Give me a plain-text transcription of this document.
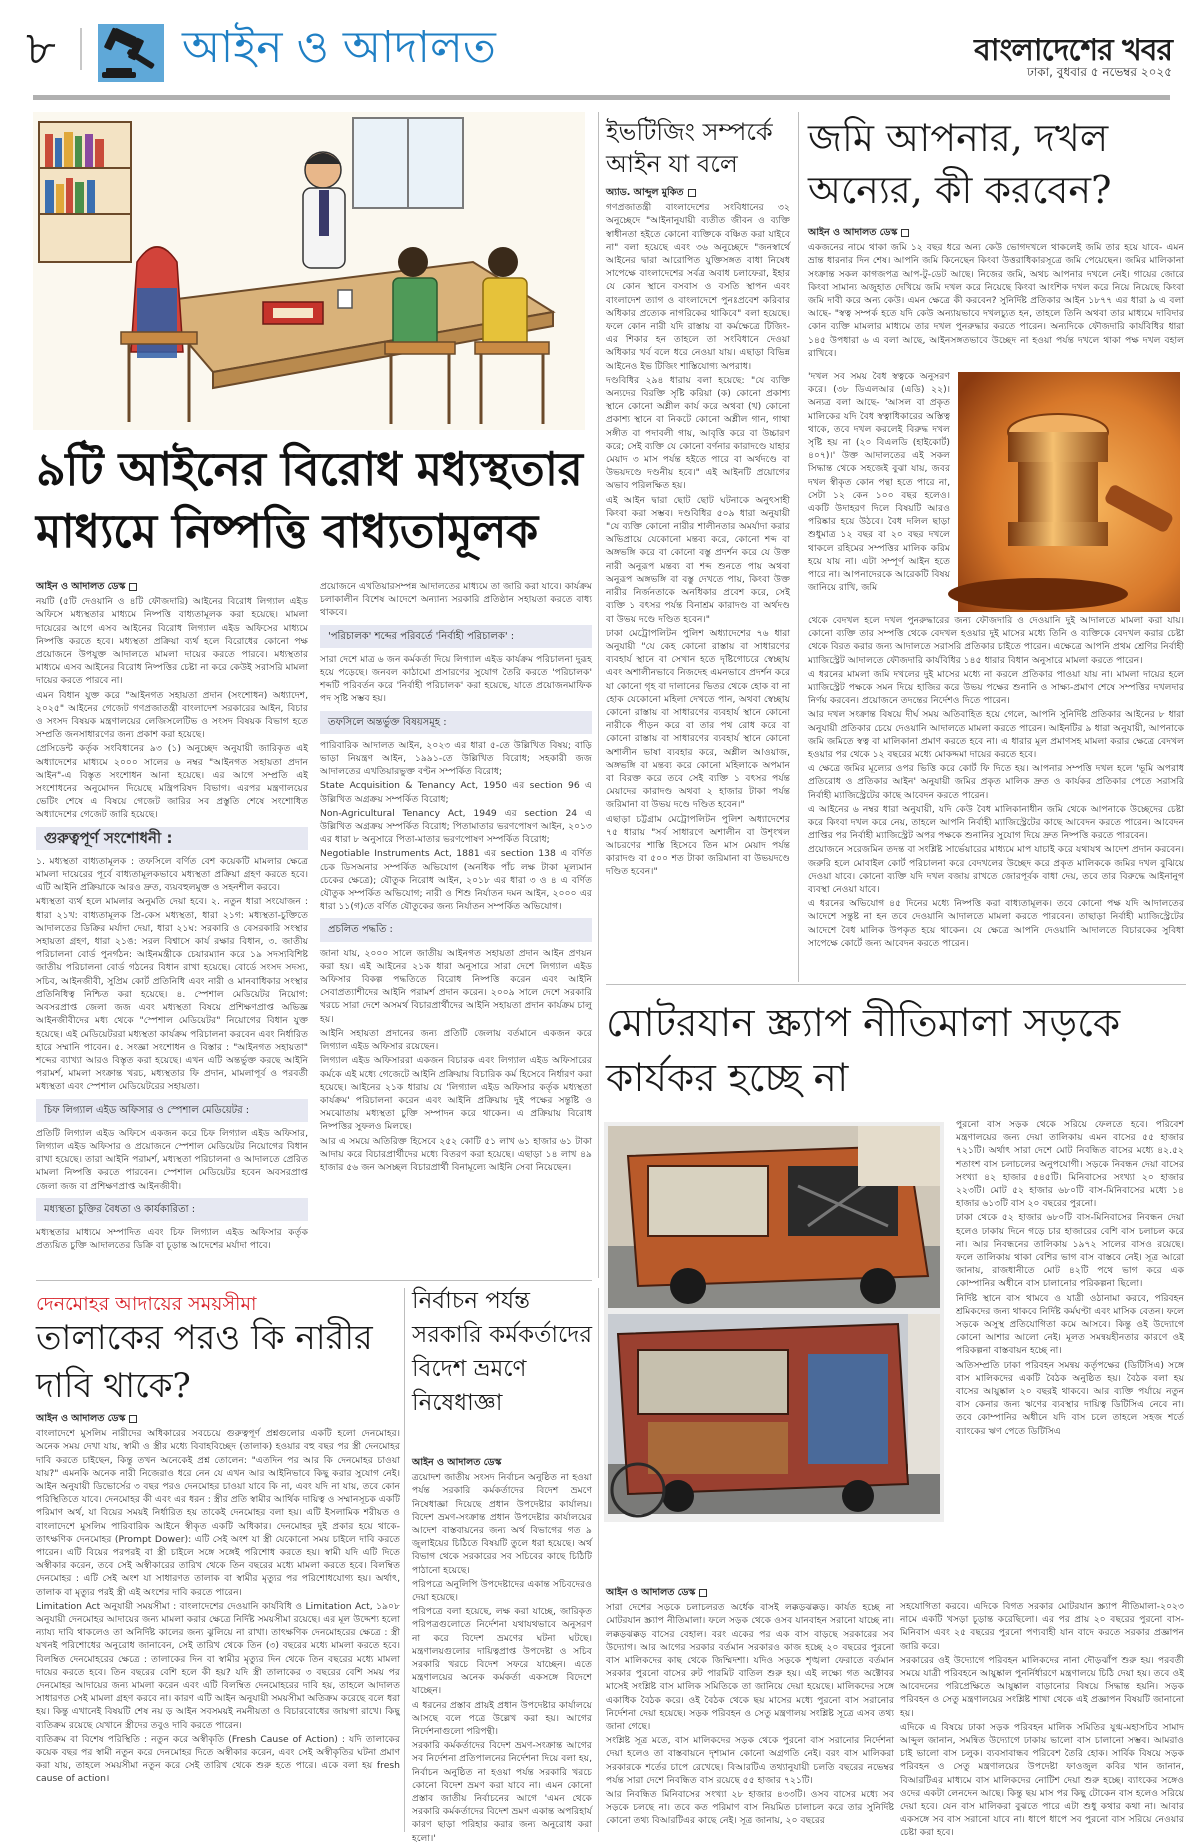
৮	আইন ও আদালত	বাংলাদেশের খবর
ঢাকা, বুধবার ৫ নভেম্বর ২০২৫
৯টি আইনের বিরোধ মধ্যস্থতার মাধ্যমে নিষ্পত্তি বাধ্যতামূলক
আইন ও আদালত ডেস্ক

নয়টি (৫টি দেওয়ানি ও ৪টি ফৌজদারি) আইনের বিরোধ লিগ্যাল এইড অফিসে মধ্যস্থতার মাধ্যমে নিষ্পত্তি বাধ্যতামূলক করা হয়েছে। মামলা দায়েরের আগে এসব আইনের বিরোধ লিগ্যাল এইড অফিসের মাধ্যমে নিষ্পত্তি করতে হবে। মধ্যস্থতা প্রক্রিয়া ব্যর্থ হলে বিরোধের কোনো পক্ষ প্রয়োজনে উপযুক্ত আদালতে মামলা দায়ের করতে পারবে। মধ্যস্থতার মাধ্যমে এসব আইনের বিরোধ নিষ্পত্তির চেষ্টা না করে কেউই সরাসরি মামলা দায়ের করতে পারবে না।

এমন বিধান যুক্ত করে "আইনগত সহায়তা প্রদান (সংশোধন) অধ্যাদেশ, ২০২৫" আইনের গেজেট গণপ্রজাতন্ত্রী বাংলাদেশ সরকারের আইন, বিচার ও সংসদ বিষয়ক মন্ত্রণালয়ের লেজিসলেটিভ ও সংসদ বিষয়ক বিভাগ হতে সম্প্রতি জনসাধারণের জন্য প্রকাশ করা হয়েছে।

প্রেসিডেন্ট কর্তৃক সংবিধানের ৯৩ (১) অনুচ্ছেদ অনুযায়ী জারিকৃত এই অধ্যাদেশের মাধ্যমে ২০০০ সালের ৬ নম্বর "আইনগত সহায়তা প্রদান আইন"-এ বিস্তৃত সংশোধন আনা হয়েছে। এর আগে সম্প্রতি এই সংশোধনের অনুমোদন দিয়েছে মন্ত্রিপরিষদ বিভাগ। এরপর মন্ত্রণালয়ের ভেটিং শেষে এ বিষয়ে গেজেট জারির সব প্রস্তুতি শেষে সংশোধিত অধ্যাদেশের গেজেট জারি হয়েছে।

গুরুত্বপূর্ণ সংশোধনী :

১. মধ্যস্থতা বাধ্যতামূলক : তফসিলে বর্ণিত বেশ কয়েকটি মামলার ক্ষেত্রে মামলা দায়েরের পূর্বে বাধ্যতামূলকভাবে মধ্যস্থতা প্রক্রিয়া গ্রহণ করতে হবে। এটি আইনি প্রক্রিয়াকে আরও দ্রুত, ব্যয়বহুলমুক্ত ও সহনশীল করবে।

মধ্যস্থতা ব্যর্থ হলে মামলার অনুমতি দেয়া হবে। ২. নতুন ধারা সংযোজন : ধারা ২১খ: বাধ্যতামূলক প্রি-কেস মধ্যস্থতা, ধারা ২১গ: মধ্যস্থতা-চুক্তিতে আদালতের ডিক্রির মর্যাদা দেয়া, ধারা ২১ঘ: সরকারি ও বেসরকারি সংস্থার সহায়তা গ্রহণ, ধারা ২১ঙ: সরল বিশ্বাসে কার্য রক্ষার বিধান, ৩. জাতীয় পরিচালনা বোর্ড পুনর্গঠন: আইনমন্ত্রীকে চেয়ারম্যান করে ১৯ সদস্যবিশিষ্ট জাতীয় পরিচালনা বোর্ড গঠনের বিধান রাখা হয়েছে। বোর্ডে সংসদ সদস্য, সচিব, আইনজীবী, সুপ্রিম কোর্ট প্রতিনিধি এবং নারী ও মানবাধিকার সংস্থার প্রতিনিধিত্ব নিশ্চিত করা হয়েছে। ৪. স্পেশাল মেডিয়েটর নিয়োগ: অবসরপ্রাপ্ত জেলা জজ এবং মধ্যস্থতা বিষয়ে প্রশিক্ষণপ্রাপ্ত অভিজ্ঞ আইনজীবীদের মধ্য থেকে "স্পেশাল মেডিয়েটর" নিয়োগের বিধান যুক্ত হয়েছে। এই মেডিয়েটররা মধ্যস্থতা কার্যক্রম পরিচালনা করবেন এবং নির্ধারিত হারে সম্মানি পাবেন। ৫. সংজ্ঞা সংশোধন ও বিস্তার : "আইনগত সহায়তা" শব্দের ব্যাখ্যা আরও বিস্তৃত করা হয়েছে। এখন এটি অন্তর্ভুক্ত করছে আইনি পরামর্শ, মামলা সংক্রান্ত খরচ, মধ্যস্থতার ফি প্রদান, মামলাপূর্ব ও পরবর্তী মধ্যস্থতা এবং স্পেশাল মেডিয়েটরের সহায়তা।

চিফ লিগ্যাল এইড অফিসার ও স্পেশাল মেডিয়েটর :

প্রতিটি লিগ্যাল এইড অফিসে একজন করে চিফ লিগ্যাল এইড অফিসার, লিগ্যাল এইড অফিসার ও প্রয়োজনে স্পেশাল মেডিয়েটর নিয়োগের বিধান রাখা হয়েছে। তারা আইনি পরামর্শ, মধ্যস্থতা পরিচালনা ও আদালতে প্রেরিত মামলা নিষ্পত্তি করতে পারবেন। স্পেশাল মেডিয়েটর হবেন অবসরপ্রাপ্ত জেলা জজ বা প্রশিক্ষণপ্রাপ্ত আইনজীবী।

মধ্যস্থতা চুক্তির বৈধতা ও কার্যকারিতা :

মধ্যস্থতার মাধ্যমে সম্পাদিত এবং চিফ লিগ্যাল এইড অফিসার কর্তৃক প্রত্যয়িত চুক্তি আদালতের ডিক্রি বা চূড়ান্ত আদেশের মর্যাদা পাবে।

প্রয়োজনে এখতিয়ারসম্পন্ন আদালতের মাধ্যমে তা জারি করা যাবে। কার্যক্রম চলাকালীন বিশেষ আদেশে অন্যান্য সরকারি প্রতিষ্ঠান সহায়তা করতে বাধ্য থাকবে।

'পরিচালক' শব্দের পরিবর্তে 'নির্বাহী পরিচালক' :

সারা দেশে মাত্র ৬ জন কর্মকর্তা দিয়ে লিগ্যাল এইড কার্যক্রম পরিচালনা দুরূহ হয়ে পড়েছে। জনবল কাঠামো প্রসারণের সুযোগ তৈরি করতে 'পরিচালক' শব্দটি পরিবর্তন করে 'নির্বাহী পরিচালক' করা হয়েছে, যাতে প্রয়োজনমাফিক পদ সৃষ্টি সম্ভব হয়।

তফসিলে অন্তর্ভুক্ত বিষয়সমূহ :

পারিবারিক আদালত আইন, ২০২৩ এর ধারা ৫-তে উল্লিখিত বিষয়; বাড়ি ভাড়া নিয়ন্ত্রণ আইন, ১৯৯১-তে উল্লিখিত বিরোধ; সহকারী জজ আদালতের এখতিয়ারভুক্ত বণ্টন সম্পর্কিত বিরোধ;

State Acquisition & Tenancy Act, 1950 এর section 96 এ উল্লিখিত অগ্রক্রয় সম্পর্কিত বিরোধ;

Non-Agricultural Tenancy Act, 1949 এর section 24 এ উল্লিখিত অগ্রক্রয় সম্পর্কিত বিরোধ; পিতামাতার ভরণপোষণ আইন, ২০১৩ এর ধারা ৮ অনুসারে পিতা-মাতার ভরণপোষণ সম্পর্কিত বিরোধ;

Negotiable Instruments Act, 1881 এর section 138 এ বর্ণিত চেক ডিসঅনার সম্পর্কিত অভিযোগ (অনধিক পাঁচ লক্ষ টাকা মূল্যমান চেকের ক্ষেত্রে); যৌতুক নিরোধ আইন, ২০১৮ এর ধারা ৩ ও ৪ এ বর্ণিত যৌতুক সম্পর্কিত অভিযোগ; নারী ও শিশু নির্যাতন দমন আইন, ২০০০ এর ধারা ১১(গ)তে বর্ণিত যৌতুকের জন্য নির্যাতন সম্পর্কিত অভিযোগ।

প্রচলিত পদ্ধতি :

জানা যায়, ২০০০ সালে জাতীয় আইনগত সহায়তা প্রদান আইন প্রণয়ন করা হয়। এই আইনের ২১ক ধারা অনুসারে সারা দেশে লিগ্যাল এইড অফিসার বিকল্প পদ্ধতিতে বিরোধ নিষ্পত্তি করেন এবং আইনি সেবাপ্রত্যাশীদের আইনি পরামর্শ প্রদান করেন। ২০০৯ সালে দেশে সরকারি খরচে সারা দেশে অসমর্থ বিচারপ্রার্থীদের আইনি সহায়তা প্রদান কার্যক্রম চালু হয়।

আইনি সহায়তা প্রদানের জন্য প্রতিটি জেলায় বর্তমানে একজন করে লিগ্যাল এইড অফিসার রয়েছেন।

লিগ্যাল এইড অফিসাররা একজন বিচারক এবং লিগ্যাল এইড অফিসারের কর্মকে এই মধ্যে গেজেটে আইনি প্রক্রিয়ায় বিচারিক কর্ম হিসেবে নির্ধারণ করা হয়েছে। আইনের ২১ক ধারায় যে 'লিগ্যাল এইড অফিসার কর্তৃক মধ্যস্থতা কার্যক্রম' পরিচালনা করেন এবং আইনি প্রক্রিয়ায় দুই পক্ষের সন্তুষ্টি ও সমঝোতায় মধ্যস্থতা চুক্তি সম্পাদন করে থাকেন। এ প্রক্রিয়ায় বিরোধ নিষ্পত্তির সুফলও মিলছে।

আর এ সময়ে অতিরিক্ত হিসেবে ২৫২ কোটি ৫১ লাখ ৬১ হাজার ৬১ টাকা আদায় করে বিচারপ্রার্থীদের মধ্যে বিতরণ করা হয়েছে। এছাড়া ১৪ লাখ ৪৯ হাজার ৫৬ জন অসচ্ছল বিচারপ্রার্থী বিনামূল্যে আইনি সেবা নিয়েছেন।

ইভটিজিং সম্পর্কে আইন যা বলে
অ্যাড. আব্দুল মুকিত

গণপ্রজাতন্ত্রী বাংলাদেশের সংবিধানের ৩২ অনুচ্ছেদে "আইনানুযায়ী ব্যতীত জীবন ও ব্যক্তি স্বাধীনতা হইতে কোনো ব্যক্তিকে বঞ্চিত করা যাইবে না" বলা হয়েছে এবং ৩৬ অনুচ্ছেদে "জনস্বার্থে আইনের দ্বারা আরোপিত যুক্তিসঙ্গত বাধা নিষেধ সাপেক্ষে বাংলাদেশের সর্বত্র অবাধ চলাফেরা, ইহার যে কোন স্থানে বসবাস ও বসতি স্থাপন এবং বাংলাদেশ ত্যাগ ও বাংলাদেশে পুনঃপ্রবেশ করিবার অধিকার প্রত্যেক নাগরিকের থাকিবে" বলা হয়েছে। ফলে কোন নারী যদি রাস্তায় বা কর্মক্ষেত্রে টিজিং-এর শিকার হন তাহলে তা সংবিধানে দেওয়া অধিকার খর্ব বলে ধরে নেওয়া যায়। এছাড়া বিভিন্ন আইনেও ইভ টিজিং শাস্তিযোগ্য অপরাধ।

দণ্ডবিধির ২৯৪ ধারায় বলা হয়েছে: "যে ব্যক্তি অন্যদের বিরক্তি সৃষ্টি করিয়া (ক) কোনো প্রকাশ্য স্থানে কোনো অশ্লীল কার্য করে অথবা (খ) কোনো প্রকাশ্য স্থানে বা নিকটে কোনো অশ্লীল গান, গাথা সঙ্গীত বা পদাবলী গায়, আবৃত্তি করে বা উচ্চারণ করে; সেই ব্যক্তি যে কোনো বর্ণনার কারাদণ্ডে যাহার মেয়াদ ৩ মাস পর্যন্ত হইতে পারে বা অর্থদণ্ডে বা উভয়দণ্ডে দণ্ডনীয় হবে।" এই আইনটি প্রয়োগের অভাব পরিলক্ষিত হয়।

এই আইন দ্বারা ছোট ছোট ঘটনাকে অনুৎসাহী কিংবা করা সম্ভব। দণ্ডবিধির ৫০৯ ধারা অনুযায়ী "যে ব্যক্তি কোনো নারীর শালীনতার অমর্যাদা করার অভিপ্রায়ে যেকোনো মন্তব্য করে, কোনো শব্দ বা অঙ্গভঙ্গি করে বা কোনো বস্তু প্রদর্শন করে যে উক্ত নারী অনুরূপ মন্তব্য বা শব্দ শুনতে পায় অথবা অনুরূপ অঙ্গভঙ্গি বা বস্তু দেখতে পায়, কিংবা উক্ত নারীর নির্জনতাকে অনধিকার প্রবেশ করে, সেই ব্যক্তি ১ বৎসর পর্যন্ত বিনাশ্রম কারাদণ্ড বা অর্থদণ্ড বা উভয় দণ্ডে দণ্ডিত হবেন।"

ঢাকা মেট্রোপলিটন পুলিশ অধ্যাদেশের ৭৬ ধারা অনুযায়ী "যে কেহ কোনো রাস্তায় বা সাধারণের ব্যবহার্য স্থানে বা সেখান হতে দৃষ্টিগোচরে স্বেচ্ছায় এবং অশালীনভাবে নিজদেহ এমনভাবে প্রদর্শন করে যা কোনো গৃহ বা দালানের ভিতর থেকে হোক বা না হোক যেকোনো মহিলা দেখতে পান, অথবা স্বেচ্ছায় কোনো রাস্তায় বা সাধারণের ব্যবহার্য স্থানে কোনো নারীকে পীড়ন করে বা তার পথ রোধ করে বা কোনো রাস্তায় বা সাধারণের ব্যবহার্য স্থানে কোনো অশালীন ভাষা ব্যবহার করে, অশ্লীল আওয়াজ, অঙ্গভঙ্গি বা মন্তব্য করে কোনো মহিলাকে অপমান বা বিরক্ত করে তবে সেই ব্যক্তি ১ বৎসর পর্যন্ত মেয়াদের কারাদণ্ড অথবা ২ হাজার টাকা পর্যন্ত জরিমানা বা উভয় দণ্ডে দণ্ডিত হবেন।"

এছাড়া চট্টগ্রাম মেট্রোপলিটন পুলিশ অধ্যাদেশের ৭৫ ধারায় "সর্ব সাধারণে অশালীন বা উশৃংখল আচরণের শাস্তি হিসেবে তিন মাস মেয়াদ পর্যন্ত কারাদণ্ড বা ৫০০ শত টাকা জরিমানা বা উভয়দণ্ডে দণ্ডিত হবেন।"

জমি আপনার, দখল অন্যের, কী করবেন?
আইন ও আদালত ডেস্ক

একজনের নামে থাকা জমি ১২ বছর ধরে অন্য কেউ ভোগদখলে থাকলেই জমি তার হয়ে যাবে- এমন ভ্রান্ত ধারনার দিন শেষ। আপনি জমি কিনেছেন কিংবা উত্তরাধিকারসূত্রে জমি পেয়েছেন। জমির মালিকানা সংক্রান্ত সকল কাগজপত্র আপ-টু-ডেট আছে। নিজের জমি, অথচ আপনার দখলে নেই। গায়ের জোরে কিংবা সামান্য অজুহাত দেখিয়ে জমি দখল করে নিয়েছে কিংবা আংশিক দখল করে নিয়ে নিয়েছে কিংবা জমি দাবী করে অন্য কেউ। এমন ক্ষেত্রে কী করবেন? সুনির্দিষ্ট প্রতিকার আইন ১৮৭৭ এর ধারা ৯ এ বলা আছে- "স্বত্ব সম্পর্ক হতে যদি কেউ অন্যায়ভাবে দখলচ্যুত হন, তাহলে তিনি অথবা তার মাধ্যমে দাবিদার কোন ব্যক্তি মামলার মাধ্যমে তার দখল পুনরুদ্ধার করতে পারেন। অন্যদিকে ফৌজদারি কার্যবিধির ধারা ১৪৫ উপধারা ৬ এ বলা আছে, আইনসঙ্গতভাবে উচ্ছেদ না হওয়া পর্যন্ত দখলে থাকা পক্ষ দখল বহাল রাখিবে।

'দখল সব সময় বৈধ স্বত্বকে অনুসরণ করে। (৩৮ ডিএলআর (এডি) ২২)। অন্যত্র বলা আছে- 'আসল বা প্রকৃত মালিকের যদি বৈধ স্বত্বাধিকারের অস্তিত্ব থাকে, তবে দখল করলেই বিরুদ্ধ দখল সৃষ্টি হয় না (২০ বিএলডি (হাইকোর্ট) ৪০৭)।' উক্ত আদালতের এই সকল সিদ্ধান্ত থেকে সহজেই বুঝা যায়, জবর দখল স্বীকৃত কোন পন্থা হতে পারে না, সেটা ১২ কেন ১০০ বছর হলেও। একটি উদাহরণ দিলে বিষয়টি আরও পরিষ্কার হয়ে উঠবে। বৈধ দলিল ছাড়া শুধুমাত্র ১২ বছর বা ২০ বছর দখলে থাকলে রহিমের সম্পত্তির মালিক করিম হয়ে যায় না। এটা সম্পূর্ণ আইন হতে পারে না। আপনাদেরকে আরেকটি বিষয় জানিয়ে রাখি, জমি

থেকে বেদখল হলে দখল পুনরুদ্ধারের জন্য ফৌজদারি ও দেওয়ানি দুই আদালতে মামলা করা যায়। কোনো ব্যক্তি তার সম্পত্তি থেকে বেদখল হওয়ার দুই মাসের মধ্যে তিনি ও ব্যক্তিকে বেদখল করার চেষ্টা থেকে বিরত করার জন্য আদালতে সরাসরি প্রতিকার চাইতে পারেন। এক্ষেত্রে আপনি প্রথম শ্রেণির নির্বাহী ম্যাজিস্ট্রেট আদালতে ফৌজদারি কার্যবিধির ১৪৫ ধারার বিধান অনুসারে মামলা করতে পারেন।

এ ধরনের মামলা জমি দখলের দুই মাসের মধ্যে না করলে প্রতিকার পাওয়া যায় না। মামলা দায়ের হলে ম্যাজিস্ট্রেট পক্ষকে সমন দিয়ে হাজির করে উভয় পক্ষের শুনানি ও সাক্ষ্য-প্রমাণ শেষে সম্পত্তির দখলদার নির্ণয় করবেন। প্রয়োজনে তদন্তের নির্দেশও দিতে পারেন।

আর দখল সংক্রান্ত বিষয়ে দীর্ঘ সময় অতিবাহিত হয়ে গেলে, আপনি সুনির্দিষ্ট প্রতিকার আইনের ৮ ধারা অনুযায়ী প্রতিকার চেয়ে দেওয়ানি আদালতে মামলা করতে পারেন। আইনটির ৯ ধারা অনুযায়ী, আপনাকে জমি জমিতে স্বত্ব বা মালিকানা প্রমাণ করতে হবে না। এ ধারার মূল প্রমাণসহ মামলা করার ক্ষেত্রে বেদখল হওয়ার পর থেকে ১২ বছরের মধ্যে মোকদ্দমা দায়ের করতে হবে।

এ ক্ষেত্রে জমির মূল্যের ওপর ভিত্তি করে কোর্ট ফি দিতে হয়। আপনার সম্পত্তি দখল হলে 'ভূমি অপরাধ প্রতিরোধ ও প্রতিকার আইন' অনুযায়ী জমির প্রকৃত মালিক দ্রুত ও কার্যকর প্রতিকার পেতে সরাসরি নির্বাহী ম্যাজিস্ট্রেটের কাছে আবেদন করতে পারেন।

এ আইনের ৬ নম্বর ধারা অনুযায়ী, যদি কেউ বৈধ মালিকানাধীন জমি থেকে আপনাকে উচ্ছেদের চেষ্টা করে কিংবা দখল করে নেয়, তাহলে আপনি নির্বাহী ম্যাজিস্ট্রেটের কাছে আবেদন করতে পারেন। আবেদন প্রাপ্তির পর নির্বাহী ম্যাজিস্ট্রেট অপর পক্ষকে শুনানির সুযোগ দিয়ে দ্রুত নিষ্পত্তি করতে পারবেন।

প্রয়োজনে সরেজমিন তদন্ত বা সংশ্লিষ্ট সার্ভেয়ারের মাধ্যমে মাপ যাচাই করে যথাযথ আদেশ প্রদান করবেন। জরুরি হলে মোবাইল কোর্ট পরিচালনা করে বেদখলের উচ্ছেদ করে প্রকৃত মালিককে জমির দখল বুঝিয়ে দেওয়া যাবে। কোনো ব্যক্তি যদি দখল বজায় রাখতে জোরপূর্বক বাধা দেয়, তবে তার বিরুদ্ধে আইনানুগ ব্যবস্থা নেওয়া যাবে।

এ ধরনের অভিযোগ ৪৫ দিনের মধ্যে নিষ্পত্তি করা বাধ্যতামূলক। তবে কোনো পক্ষ যদি আদালতের আদেশে সন্তুষ্ট না হন তবে দেওয়ানি আদালতে মামলা করতে পারবেন। তাছাড়া নির্বাহী ম্যাজিস্ট্রেটের আদেশে বৈধ মালিক উপকৃত হয়ে থাকেন। যে ক্ষেত্রে আপনি দেওয়ানি আদালতে বিচারকের সুবিধা সাপেক্ষে কোর্টে জন্য আবেদন করতে পারেন।

মোটরযান স্ক্র্যাপ নীতিমালা সড়কে কার্যকর হচ্ছে না

পুরনো বাস সড়ক থেকে সরিয়ে ফেলতে হবে। পরিবেশ মন্ত্রণালয়ের জন্য দেয়া তালিকায় এমন বাসের ৫৫ হাজার ৭২১টি। অর্থাৎ সারা দেশে মোট নিবন্ধিত বাসের মধ্যে ৪২.৫২ শতাংশ বাস চলাচলের অনুপযোগী। সড়কে নিবন্ধন দেয়া বাসের সংখ্যা ৪২ হাজার ৫৪৫টি। মিনিবাসের সংখ্যা ২০ হাজার ২২৩টি। মোট ৫২ হাজার ৬৮০টি বাস-মিনিবাসের মধ্যে ১৪ হাজার ৬১৩টি বাস ২০ বছরের পুরনো।

ঢাকা থেকে ৫২ হাজার ৬৮০টি বাস-মিনিবাসের নিবন্ধন দেয়া হলেও ঢাকায় দিনে গড়ে চার হাজারের বেশি বাস চলাচল করে না। আর নিবন্ধনের তালিকায় ১৯৭২ সালের বাসও রয়েছে। ফলে তালিকায় থাকা বেশির ভাগ বাস বাস্তবে নেই। সূত্র আরো জানায়, রাজধানীতে মোট ৪২টি পথে ভাগ করে এক কোম্পানির অধীনে বাস চালানোর পরিকল্পনা ছিলো।

নির্দিষ্ট স্থানে বাস থামবে ও যাত্রী ওঠানামা করবে, পরিবহন শ্রমিকদের জন্য থাকবে নির্দিষ্ট কর্মঘণ্টা এবং মাসিক বেতন। ফলে সড়কে অসুস্থ প্রতিযোগিতা কমে আসবে। কিন্তু ওই উদ্যোগে কোনো আশার আলো নেই। মূলত সমন্বয়হীনতার কারণে ওই পরিকল্পনা বাস্তবায়ন হচ্ছে না।

অতিসম্প্রতি ঢাকা পরিবহন সমন্বয় কর্তৃপক্ষের (ডিটিসিএ) সঙ্গে বাস মালিকদের একটি বৈঠক অনুষ্ঠিত হয়। বৈঠক বলা হয় বাসের আয়ুষ্কাল ২০ বছরই থাকবে। আর ব্যক্তি পর্যায়ে নতুন বাস কেনার জন্য ঋণের ব্যবস্থার দায়িত্ব ডিটিসিএ নেবে না। তবে কোম্পানির অধীনে যদি বাস চলে তাহলে সহজ শর্তে ব্যাংকের ঋণ পেতে ডিটিসিএ

আইন ও আদালত ডেস্ক

সারা দেশের সড়কে চলাচলরত অর্ধেক বাসই লক্কড়ঝক্কড়। কার্যত হচ্ছে না মোটরযান স্ক্র্যাপ নীতিমালা। ফলে সড়ক থেকে ওসব যানবাহন সরানো যাচ্ছে না। লক্কড়ঝক্কড় বাসের বেহাল। বরং একের পর এক বাস বাড়ছে সরকারের সব উদ্যোগ। আর আগের সরকার বর্তমান সরকারও কাজ হচ্ছে ২০ বছরের পুরনো বাস মালিকদের কাছ থেকে জিম্মিদশা। যদিও সড়কে শৃঙ্খলা ফেরাতে বর্তমান সরকার পুরনো বাসের রুট পারমিট বাতিল শুরু হয়। এই লক্ষ্যে গত অক্টোবর মাসেই সংশ্লিষ্ট বাস মালিক সমিতিকে তা জানিয়ে দেয়া হয়েছে। মালিকদের সঙ্গে একাধিক বৈঠক করে। ওই বৈঠক থেকে ছয় মাসের মধ্যে পুরনো বাস সরানোর নির্দেশনা দেয়া হয়েছে। সড়ক পরিবহন ও সেতু মন্ত্রণালয় সংশ্লিষ্ট সূত্রে এসব তথ্য জানা গেছে।

সংশ্লিষ্ট সূত্র মতে, বাস মালিকদের সড়ক থেকে পুরনো বাস সরানোর নির্দেশনা দেয়া হলেও তা বাস্তবায়নে দৃশ্যমান কোনো অগ্রগতি নেই। বরং বাস মালিকরা সরকারকে শর্তের চাপে রেখেছে। বিআরটিএ তথ্যানুযায়ী চলতি বছরের নভেম্বর পর্যন্ত সারা দেশে নিবন্ধিত বাস রয়েছে ৫৫ হাজার ৭২১টি।

আর নিবন্ধিত মিনিবাসের সংখ্যা ২৮ হাজার ৪৩৩টি। ওসব বাসের মধ্যে সব সড়কে চলছে না। তবে কত পরিমাণ বাস নিয়মিত চালাচল করে তার সুনির্দিষ্ট কোনো তথ্য বিআরটিএর কাছে নেই। সূত্র জানায়, ২০ বছরের

সহযোগিতা করবে। এদিকে বিগত সরকার মোটরযান স্ক্র্যাপ নীতিমালা-২০২৩ নামে একটি খসড়া চূড়ান্ত করেছিলো। এর পর প্রায় ২০ বছরের পুরনো বাস-মিনিবাস এবং ২৫ বছরের পুরনো পণ্যবাহী যান বাদে করতে সরকার প্রজ্ঞাপন জারি করে।

সরকারের ওই উদ্যোগে পরিবহন মালিকদের নানা দৌড়ঝাঁপ শুরু হয়। পরবর্তী সময়ে যাত্রী পরিবহনে আয়ুষ্কাল পুনর্নির্ধারণে মন্ত্রণালয়ে চিঠি দেয়া হয়। তবে ওই আবেদনের পরিপ্রেক্ষিতে আয়ুষ্কাল বাড়ানোর বিষয়ে সিদ্ধান্ত হয়নি। সড়ক পরিবহন ও সেতু মন্ত্রণালয়ের সংশ্লিষ্ট শাখা থেকে এই প্রজ্ঞাপন বিষয়টি জানানো হয়।

এদিকে এ বিষয়ে ঢাকা সড়ক পরিবহন মালিক সমিতির যুগ্ম-মহাসচিব সামাদ আব্দুল জানান, সমন্বিত উদ্যোগে ঢাকায় ভালো বাস চালানো সম্ভব। আমরাও চাই ভালো বাস চলুক। ব্যবসাবান্ধব পরিবেশ তৈরি হোক। সার্বিক বিষয়ে সড়ক পরিবহন ও সেতু মন্ত্রণালয়ের উপদেষ্টা ফাওজুল কবির খান জানান, বিআরটিএর মাধ্যমে বাস মালিকদের নোটিশ দেয়া শুরু হচ্ছে। ব্যাংকের সঙ্গেও ওদের একটা লেনদেন আছে। কিন্তু ছয় মাস পর কিছু টোকেন বাস হলেও সরিয়ে দেয়া হবে। যেন বাস মালিকরা বুঝতে পারে এটা শুধু কথার কথা না। আবার একসঙ্গে সব বাস সরানো যাবে না। ধাপে ধাপে সব পুরনো বাস সরিয়ে নেওয়ার চেষ্টা করা হবে।

দেনমোহর আদায়ের সময়সীমা
তালাকের পরও কি নারীর দাবি থাকে?
আইন ও আদালত ডেস্ক

বাংলাদেশে মুসলিম নারীদের অধিকারের সবচেয়ে গুরুত্বপূর্ণ প্রশ্নগুলোর একটি হলো দেনমোহর। অনেক সময় দেখা যায়, স্বামী ও স্ত্রীর মধ্যে বিবাহবিচ্ছেদ (তালাক) হওয়ার বহু বছর পর স্ত্রী দেনমোহর দাবি করতে চাইছেন, কিন্তু তখন অনেকেই প্রশ্ন তোলেন: "এতদিন পর আর কি দেনমোহর চাওয়া যায়?" এমনকি অনেক নারী নিজেরাও ধরে নেন যে এখন আর আইনিভাবে কিছু করার সুযোগ নেই। আইন অনুযায়ী ডিভোর্সের ৩ বছর পরও দেনমোহর চাওয়া যাবে কি না, এবং যদি না যায়, তবে কোন পরিস্থিতিতে যাবে। দেনমোহর কী এবং এর ধরন : স্ত্রীর প্রতি স্বামীর আর্থিক দায়িত্ব ও সম্মানসূচক একটি পরিমাণ অর্থ, যা বিয়ের সময়ই নির্ধারিত হয় তাকেই দেনমোহর বলা হয়। এটি ইসলামিক শরীয়ত ও বাংলাদেশে মুসলিম পারিবারিক আইনে স্বীকৃত একটি অধিকার। দেনমোহর দুই প্রকার হয়ে থাকে- তাৎক্ষণিক দেনমোহর (Prompt Dower): এটি সেই অংশ যা স্ত্রী যেকোনো সময় চাইলে দাবি করতে পারেন। এটি বিয়ের পরপরই বা স্ত্রী চাইলে সঙ্গে সঙ্গেই পরিশোধ করতে হয়। স্বামী যদি এটি দিতে অস্বীকার করেন, তবে সেই অস্বীকারের তারিখ থেকে তিন বছরের মধ্যে মামলা করতে হবে। বিলম্বিত দেনমোহর : এটি সেই অংশ যা সাধারণত তালাক বা স্বামীর মৃত্যুর পর পরিশোধযোগ্য হয়। অর্থাৎ, তালাক বা মৃত্যুর পরই স্ত্রী এই অংশের দাবি করতে পারেন।

Limitation Act অনুযায়ী সময়সীমা : বাংলাদেশের দেওয়ানি কার্যবিধি ও Limitation Act, ১৯০৮ অনুযায়ী দেনমোহর আদায়ের জন্য মামলা করার ক্ষেত্রে নির্দিষ্ট সময়সীমা রয়েছে। এর মূল উদ্দেশ্য হলো ন্যায্য দাবি থাকলেও তা অনির্দিষ্ট কালের জন্য ঝুলিয়ে না রাখা। তাৎক্ষণিক দেনমোহরের ক্ষেত্রে : স্ত্রী যখনই পরিশোধের অনুরোধ জানাবেন, সেই তারিখ থেকে তিন (৩) বছরের মধ্যে মামলা করতে হবে। বিলম্বিত দেনমোহরের ক্ষেত্রে : তালাকের দিন বা স্বামীর মৃত্যুর দিন থেকে তিন বছরের মধ্যে মামলা দায়ের করতে হবে। তিন বছরের বেশি হলে কী হয়? যদি স্ত্রী তালাকের ৩ বছরের বেশি সময় পর দেনমোহর আদায়ের জন্য মামলা করেন এবং এটি বিলম্বিত দেনমোহরের দাবি হয়, তাহলে আদালত সাধারণত সেই মামলা গ্রহণ করবে না। কারণ এটি আইন অনুযায়ী সময়সীমা অতিক্রম করেছে বলে ধরা হয়। কিন্তু এখানেই বিষয়টি শেষ নয় ড় আইন সবসময়ই নমনীয়তা ও বিচারবোধের জায়গা রাখে। কিছু ব্যতিক্রম রয়েছে যেখানে স্ত্রীদের তবুও দাবি করতে পারেন।

ব্যতিক্রম বা বিশেষ পরিস্থিতি : নতুন করে অস্বীকৃতি (Fresh Cause of Action) : যদি তালাকের কয়েক বছর পর স্বামী নতুন করে দেনমোহর দিতে অস্বীকার করেন, এবং সেই অস্বীকৃতির ঘটনা প্রমাণ করা যায়, তাহলে সময়সীমা নতুন করে সেই তারিখ থেকে শুরু হতে পারে। একে বলা হয় fresh cause of action।

নির্বাচন পর্যন্ত সরকারি কর্মকর্তাদের বিদেশ ভ্রমণে নিষেধাজ্ঞা
আইন ও আদালত ডেস্ক

ত্রয়োদশ জাতীয় সংসদ নির্বাচন অনুষ্ঠিত না হওয়া পর্যন্ত সরকারি কর্মকর্তাদের বিদেশ ভ্রমণে নিষেধাজ্ঞা দিয়েছে প্রধান উপদেষ্টার কার্যালয়। বিদেশ ভ্রমণ-সংক্রান্ত প্রধান উপদেষ্টার কার্যালয়ের আদেশ বাস্তবায়নের জন্য অর্থ বিভাগের গত ৯ জুলাইয়ের চিঠিতে বিষয়টি তুলে ধরা হয়েছে। অর্থ বিভাগ থেকে সরকারের সব সচিবের কাছে চিঠিটি পাঠানো হয়েছে।

পরিপত্রে অনুলিপি উপদেষ্টাদের একান্ত সচিবদেরও দেয়া হয়েছে।

পরিপত্রে বলা হয়েছে, লক্ষ করা যাচ্ছে, জারিকৃত পরিপত্রগুলোতে নির্দেশনা যথাযথভাবে অনুসরণ না করে বিদেশ ভ্রমণের ঘটনা ঘটছে। মন্ত্রণালয়গুলোর দায়িত্বপ্রাপ্ত উপদেষ্টা ও সচিব সরকারি খরচে বিদেশ সফরে যাচ্ছেন। এতে মন্ত্রণালয়ের অনেক কর্মকর্তা একসঙ্গে বিদেশে যাচ্ছেন।

এ ধরনের প্রস্তাব প্রায়ই প্রধান উপদেষ্টার কার্যালয়ে আসছে বলে পত্রে উল্লেখ করা হয়। আগের নির্দেশনাগুলো পরিপন্থী।

সরকারি কর্মকর্তাদের বিদেশ ভ্রমণ-সংক্রান্ত আগের সব নির্দেশনা প্রতিপালনের নির্দেশনা দিয়ে বলা হয়, নির্বাচন অনুষ্ঠিত না হওয়া পর্যন্ত সরকারি খরচে কোনো বিদেশ ভ্রমণ করা যাবে না। এমন কোনো প্রস্তাব জাতীয় নির্বাচনের আগে 'এমন থেকে সরকারি কর্মকর্তাদের বিদেশ ভ্রমণ একান্ত অপরিহার্য কারণ ছাড়া পরিহার করার জন্য অনুরোধ করা হলো।'
